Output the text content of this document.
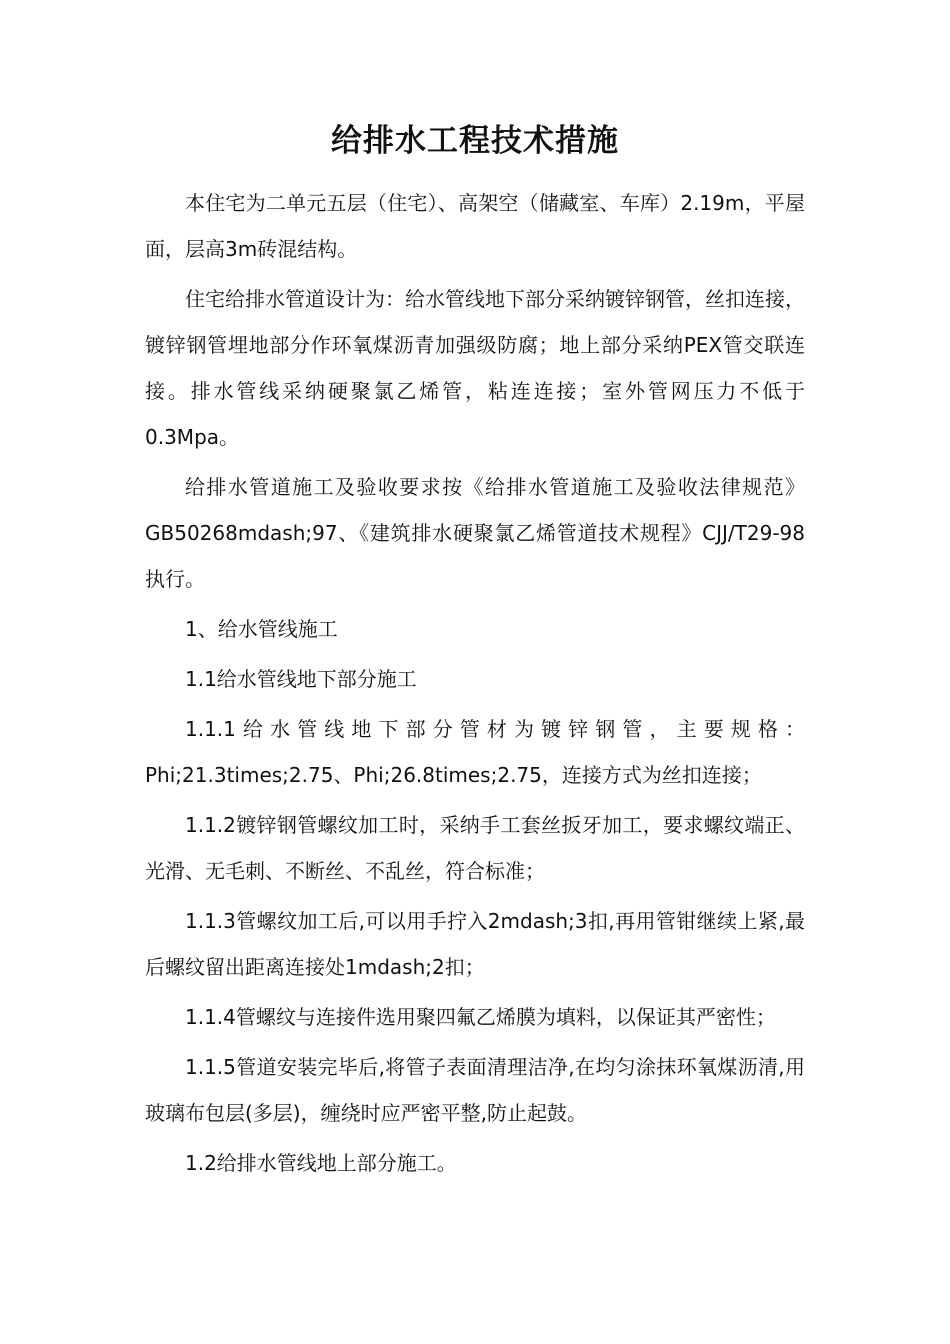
给排水工程技术措施

本住宅为二单元五层（住宅）、高架空（储藏室、车库）2.19m，平屋面，层高3m砖混结构。

住宅给排水管道设计为：给水管线地下部分采纳镀锌钢管，丝扣连接，镀锌钢管埋地部分作环氧煤沥青加强级防腐；地上部分采纳PEX管交联连接。排水管线采纳硬聚氯乙烯管，粘连连接；室外管网压力不低于0.3Mpa。

给排水管道施工及验收要求按《给排水管道施工及验收法律规范》GB50268mdash;97、《建筑排水硬聚氯乙烯管道技术规程》CJJ/T29-98执行。

1、给水管线施工

1.1给水管线地下部分施工

1.1.1给水管线地下部分管材为镀锌钢管，主要规格：Phi;21.3times;2.75、Phi;26.8times;2.75，连接方式为丝扣连接；

1.1.2镀锌钢管螺纹加工时，采纳手工套丝扳牙加工，要求螺纹端正、光滑、无毛刺、不断丝、不乱丝，符合标准；

1.1.3管螺纹加工后,可以用手拧入2mdash;3扣,再用管钳继续上紧,最后螺纹留出距离连接处1mdash;2扣；

1.1.4管螺纹与连接件选用聚四氟乙烯膜为填料，以保证其严密性；

1.1.5管道安装完毕后,将管子表面清理洁净,在均匀涂抹环氧煤沥清,用玻璃布包层(多层)，缠绕时应严密平整,防止起鼓。

1.2给排水管线地上部分施工。
